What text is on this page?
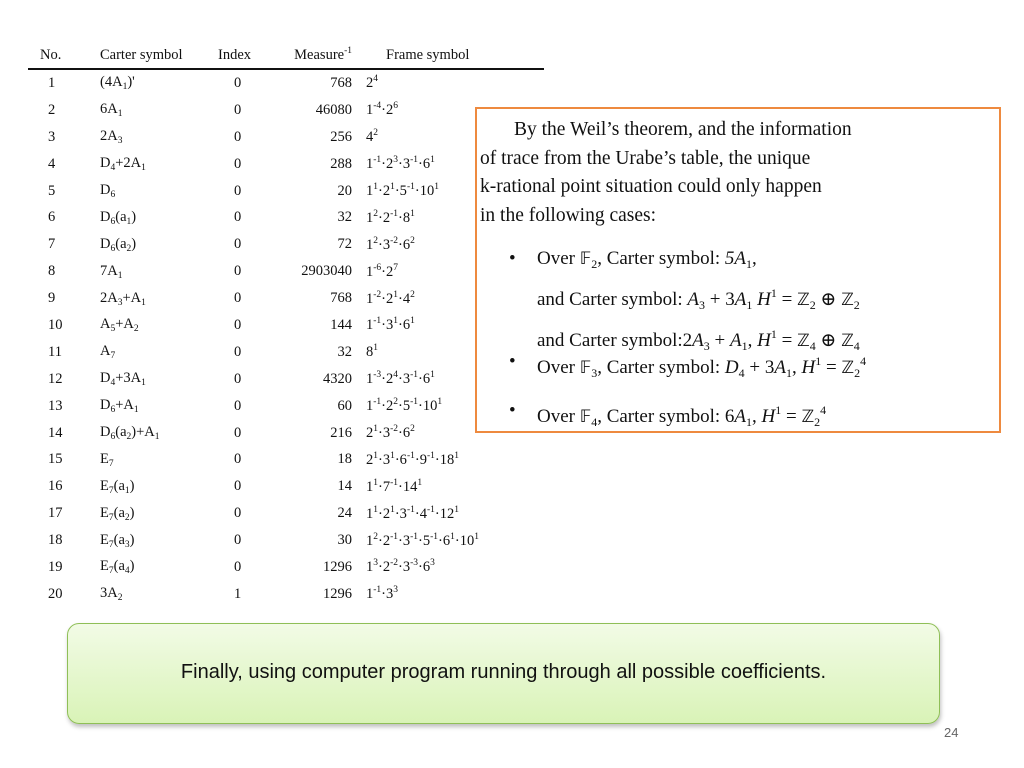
No.	Carter symbol	Index	Measure$^{-1}$	Frame symbol
1	$(4A_1)'$	0	768	$2^4$
2	$6A_1$	0	46080	$1^{-4}\cdot 2^6$
3	$2A_3$	0	256	$4^2$
4	$D_4+2A_1$	0	288	$1^{-1}\cdot 2^3\cdot 3^{-1}\cdot 6^1$
5	$D_6$	0	20	$1^1\cdot 2^1\cdot 5^{-1}\cdot 10^1$
6	$D_6(a_1)$	0	32	$1^2\cdot 2^{-1}\cdot 8^1$
7	$D_6(a_2)$	0	72	$1^2\cdot 3^{-2}\cdot 6^2$
8	$7A_1$	0	2903040	$1^{-6}\cdot 2^7$
9	$2A_3+A_1$	0	768	$1^{-2}\cdot 2^1\cdot 4^2$
10	$A_5+A_2$	0	144	$1^{-1}\cdot 3^1\cdot 6^1$
11	$A_7$	0	32	$8^1$
12	$D_4+3A_1$	0	4320	$1^{-3}\cdot 2^4\cdot 3^{-1}\cdot 6^1$
13	$D_6+A_1$	0	60	$1^{-1}\cdot 2^2\cdot 5^{-1}\cdot 10^1$
14	$D_6(a_2)+A_1$	0	216	$2^1\cdot 3^{-2}\cdot 6^2$
15	$E_7$	0	18	$2^1\cdot 3^1\cdot 6^{-1}\cdot 9^{-1}\cdot 18^1$
16	$E_7(a_1)$	0	14	$1^1\cdot 7^{-1}\cdot 14^1$
17	$E_7(a_2)$	0	24	$1^1\cdot 2^1\cdot 3^{-1}\cdot 4^{-1}\cdot 12^1$
18	$E_7(a_3)$	0	30	$1^2\cdot 2^{-1}\cdot 3^{-1}\cdot 5^{-1}\cdot 6^1\cdot 10^1$
19	$E_7(a_4)$	0	1296	$1^3\cdot 2^{-2}\cdot 3^{-3}\cdot 6^3$
20	$3A_2$	1	1296	$1^{-1}\cdot 3^3$
By the Weil’s theorem, and the information
of trace from the Urabe’s table, the unique
k-rational point situation could only happen
in the following cases:
• Over 𝔽$_2$, Carter symbol: $5A_1$,
and Carter symbol: $A_3 + 3A_1$ $H^1$ = ℤ$_2$ ⊕ ℤ$_2$
and Carter $symbol:2A_3 + A_1$, $H^1$ = ℤ$_4$ ⊕ ℤ$_4$
• Over 𝔽$_3$, Carter symbol: $D_4 + 3A_1$, $H^1$ = ℤ$_2^4$
• Over 𝔽$_4$, Carter symbol: $6A_1$, $H^1$ = ℤ$_2^4$
Finally, using computer program running through all possible coefficients.
24
